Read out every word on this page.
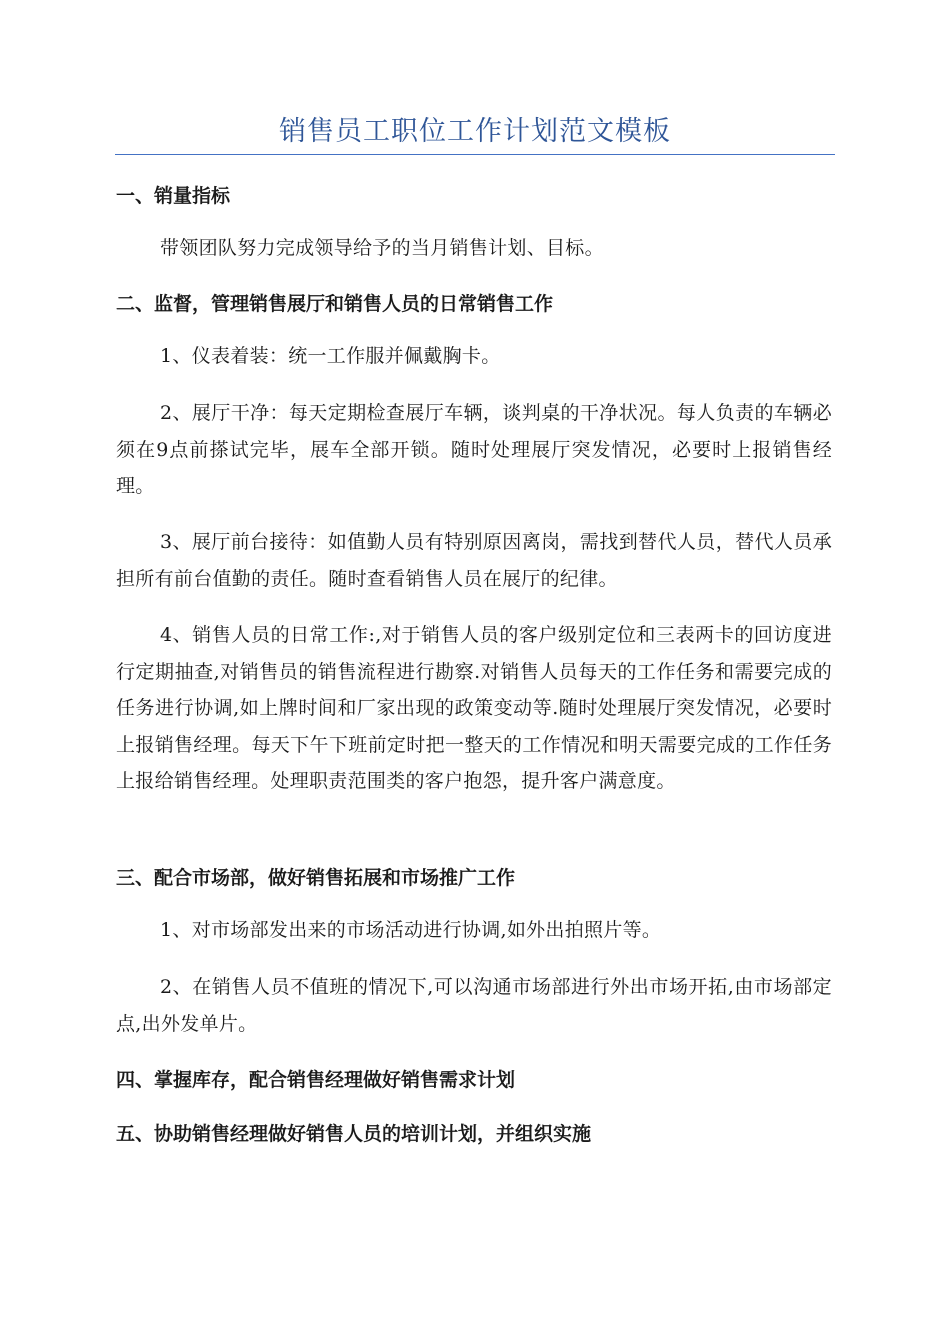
销售员工职位工作计划范文模板
一、销量指标
带领团队努力完成领导给予的当月销售计划、目标。
二、监督，管理销售展厅和销售人员的日常销售工作
1、仪表着装：统一工作服并佩戴胸卡。
2、展厅干净：每天定期检查展厅车辆，谈判桌的干净状况。每人负责的车辆必须在9点前搽试完毕，展车全部开锁。随时处理展厅突发情况，必要时上报销售经理。
3、展厅前台接待：如值勤人员有特别原因离岗，需找到替代人员，替代人员承担所有前台值勤的责任。随时查看销售人员在展厅的纪律。
4、销售人员的日常工作:,对于销售人员的客户级别定位和三表两卡的回访度进行定期抽查,对销售员的销售流程进行勘察.对销售人员每天的工作任务和需要完成的任务进行协调,如上牌时间和厂家出现的政策变动等.随时处理展厅突发情况，必要时上报销售经理。每天下午下班前定时把一整天的工作情况和明天需要完成的工作任务上报给销售经理。处理职责范围类的客户抱怨，提升客户满意度。
三、配合市场部，做好销售拓展和市场推广工作
1、对市场部发出来的市场活动进行协调,如外出拍照片等。
2、在销售人员不值班的情况下,可以沟通市场部进行外出市场开拓,由市场部定点,出外发单片。
四、掌握库存，配合销售经理做好销售需求计划
五、协助销售经理做好销售人员的培训计划，并组织实施
